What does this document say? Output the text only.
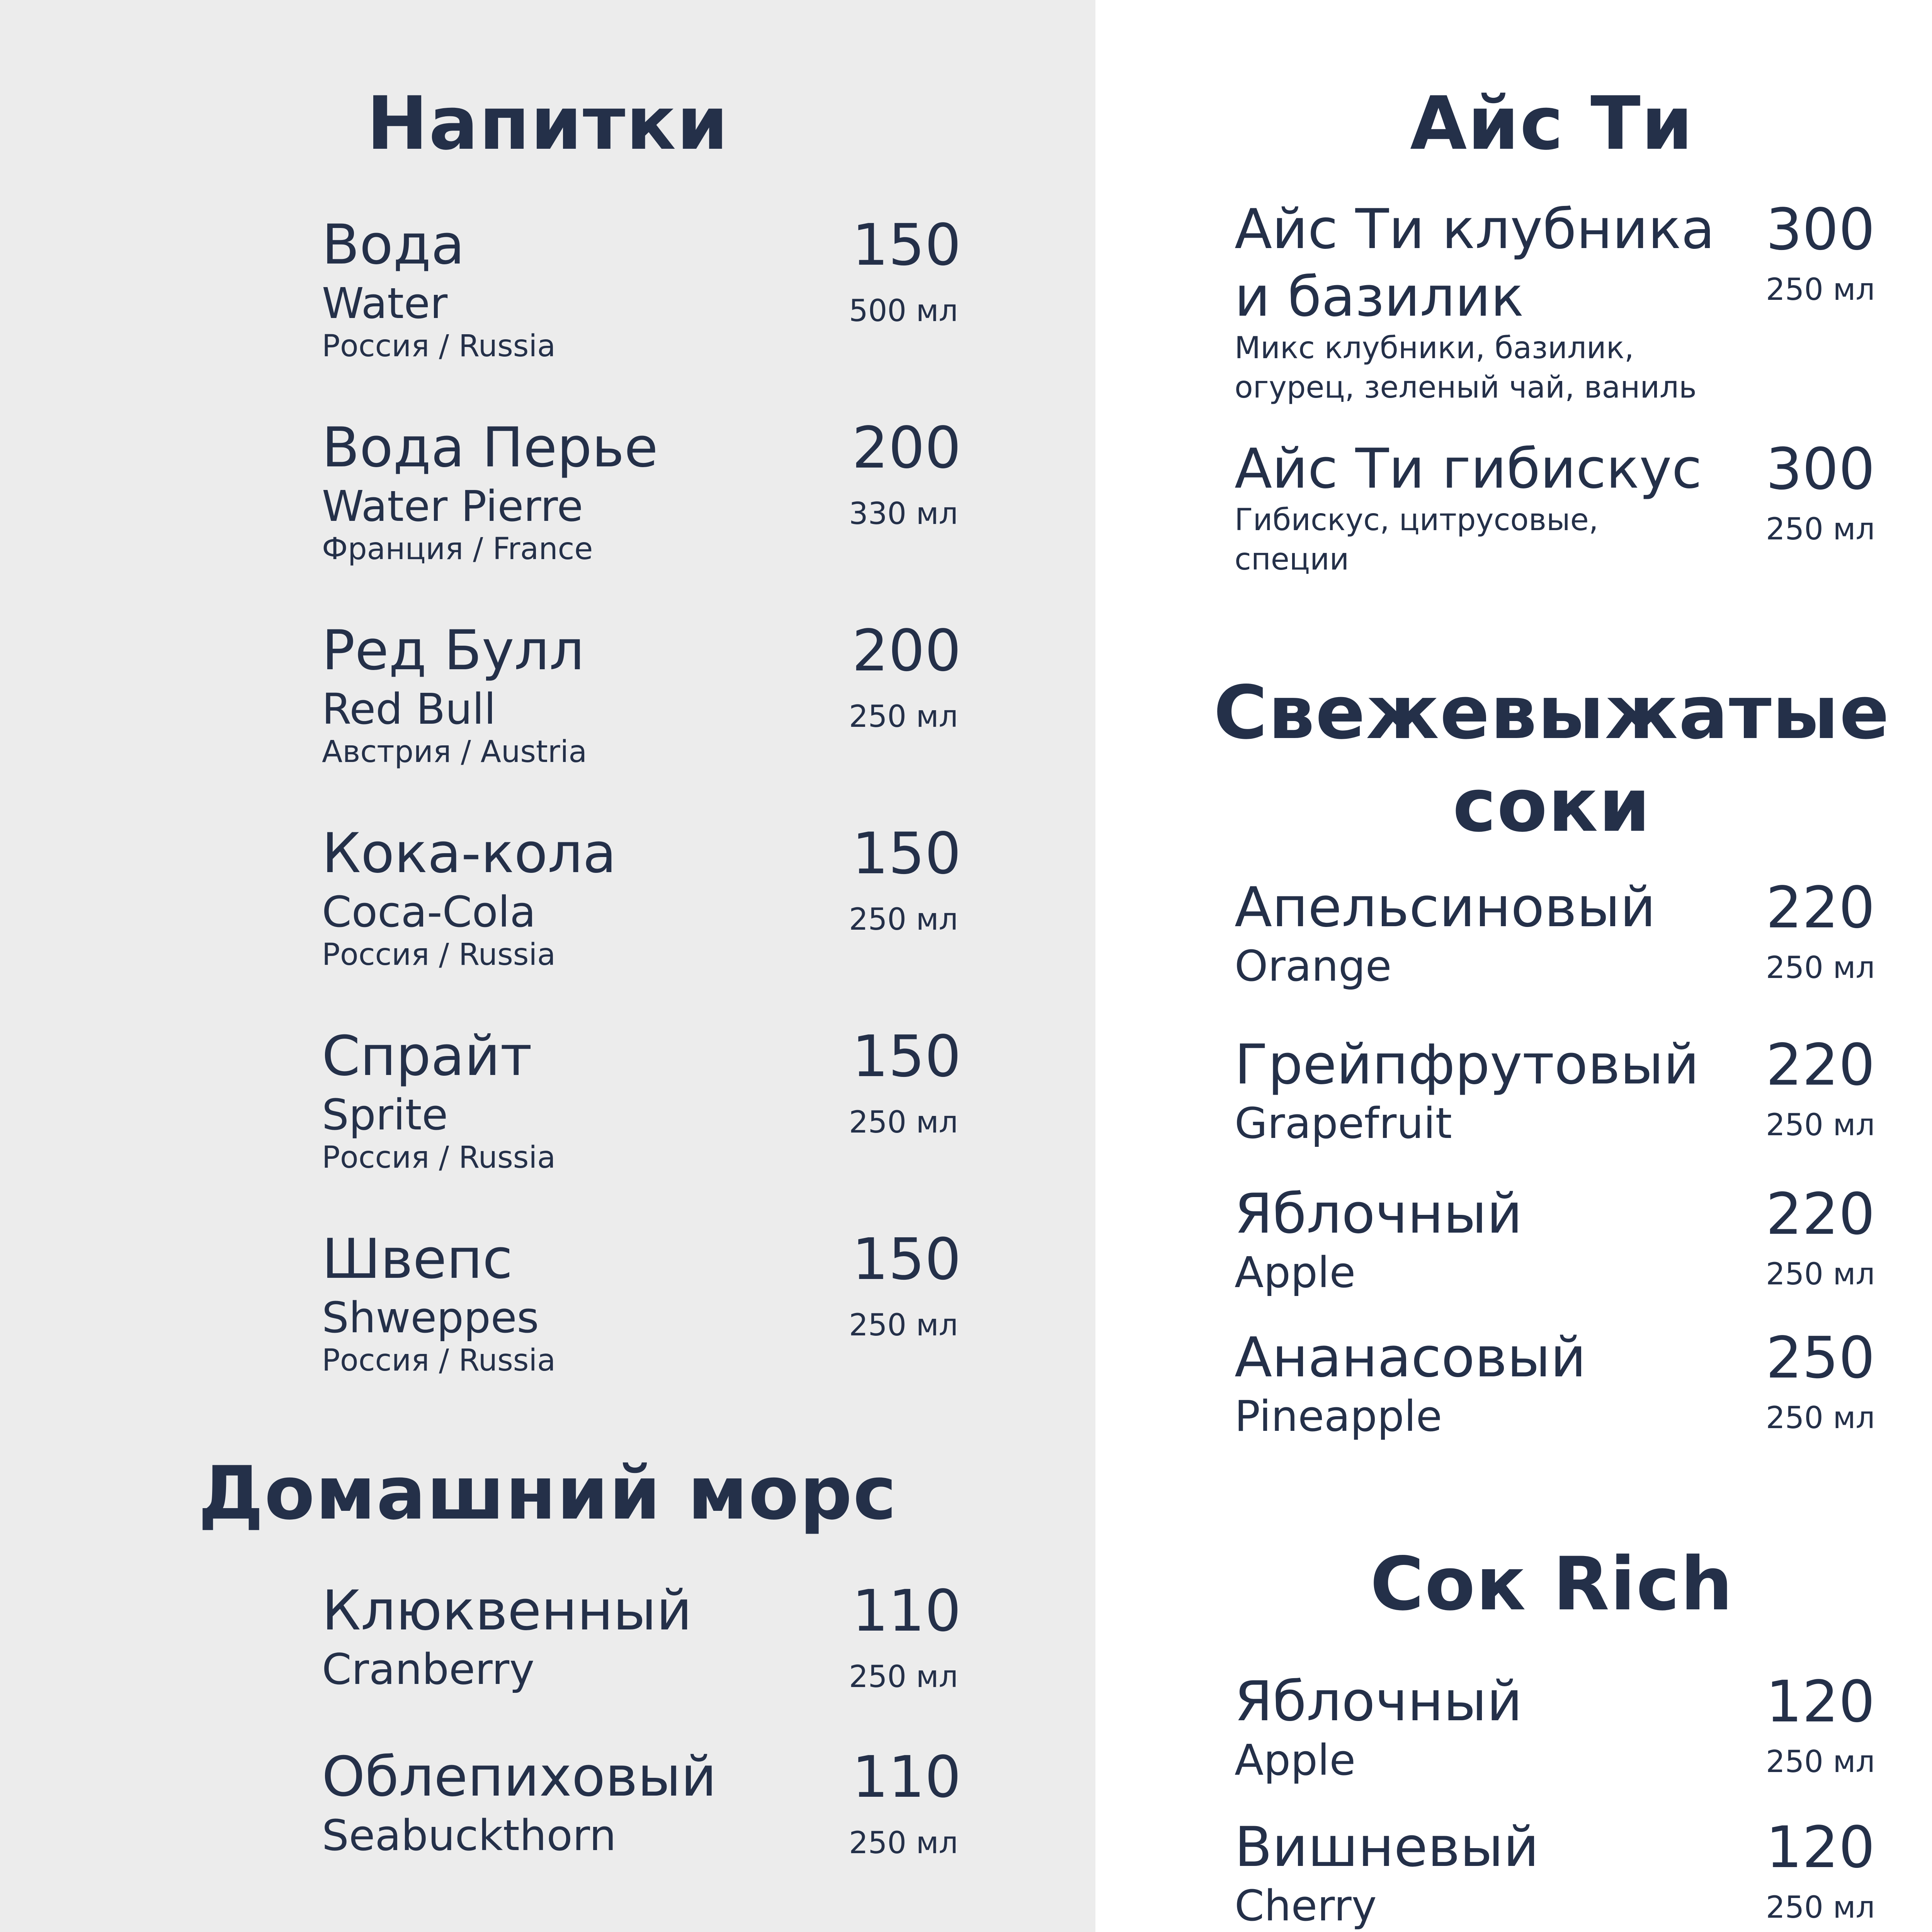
Напитки
Вода
Water
Россия / Russia
150
500 мл
Вода Перье
Water Pierre
Франция / France
200
330 мл
Ред Булл
Red Bull
Австрия / Austria
200
250 мл
Кока-кола
Coca-Cola
Россия / Russia
150
250 мл
Спрайт
Sprite
Россия / Russia
150
250 мл
Швепс
Shweppes
Россия / Russia
150
250 мл
Домашний морс
Клюквенный
Cranberry
110
250 мл
Облепиховый
Seabuckthorn
110
250 мл
Айс Ти
Айс Ти клубника
и базилик
Микс клубники, базилик,
огурец, зеленый чай, ваниль
300
250 мл
Айс Ти гибискус
Гибискус, цитрусовые,
специи
300
250 мл
Свежевыжатые
соки
Апельсиновый
Orange
220
250 мл
Грейпфрутовый
Grapefruit
220
250 мл
Яблочный
Apple
220
250 мл
Ананасовый
Pineapple
250
250 мл
Сок Rich
Яблочный
Apple
120
250 мл
Вишневый
Cherry
120
250 мл
